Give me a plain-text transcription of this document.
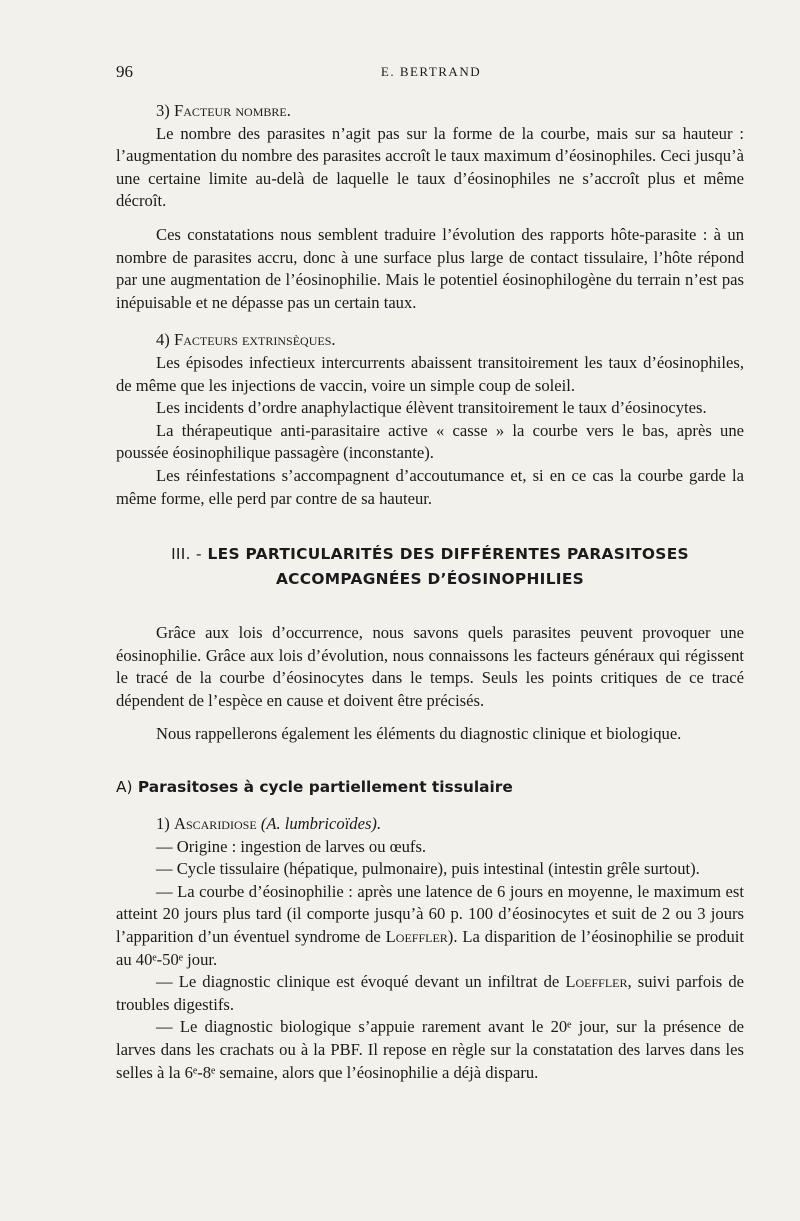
96	E. BERTRAND

3) Facteur nombre.

Le nombre des parasites n’agit pas sur la forme de la courbe, mais sur sa hauteur : l’augmentation du nombre des parasites accroît le taux maximum d’éosinophiles. Ceci jusqu’à une certaine limite au-delà de laquelle le taux d’éosinophiles ne s’accroît plus et même décroît.

Ces constatations nous semblent traduire l’évolution des rapports hôte-parasite : à un nombre de parasites accru, donc à une surface plus large de contact tissulaire, l’hôte répond par une augmentation de l’éosinophilie. Mais le potentiel éosinophilogène du terrain n’est pas inépuisable et ne dépasse pas un certain taux.

4) Facteurs extrinsèques.

Les épisodes infectieux intercurrents abaissent transitoirement les taux d’éosinophiles, de même que les injections de vaccin, voire un simple coup de soleil.

Les incidents d’ordre anaphylactique élèvent transitoirement le taux d’éosinocytes.

La thérapeutique anti-parasitaire active « casse » la courbe vers le bas, après une poussée éosinophilique passagère (inconstante).

Les réinfestations s’accompagnent d’accoutumance et, si en ce cas la courbe garde la même forme, elle perd par contre de sa hauteur.

III. - LES PARTICULARITÉS DES DIFFÉRENTES PARASITOSES
ACCOMPAGNÉES D’ÉOSINOPHILIES

Grâce aux lois d’occurrence, nous savons quels parasites peuvent provoquer une éosinophilie. Grâce aux lois d’évolution, nous connaissons les facteurs généraux qui régissent le tracé de la courbe d’éosinocytes dans le temps. Seuls les points critiques de ce tracé dépendent de l’espèce en cause et doivent être précisés.

Nous rappellerons également les éléments du diagnostic clinique et biologique.

A) Parasitoses à cycle partiellement tissulaire

1) Ascaridiose (A. lumbricoïdes).

— Origine : ingestion de larves ou œufs.

— Cycle tissulaire (hépatique, pulmonaire), puis intestinal (intestin grêle surtout).

— La courbe d’éosinophilie : après une latence de 6 jours en moyenne, le maximum est atteint 20 jours plus tard (il comporte jusqu’à 60 p. 100 d’éosinocytes et suit de 2 ou 3 jours l’apparition d’un éventuel syndrome de Loeffler). La disparition de l’éosinophilie se produit au 40ᵉ-50ᵉ jour.

— Le diagnostic clinique est évoqué devant un infiltrat de Loeffler, suivi parfois de troubles digestifs.

— Le diagnostic biologique s’appuie rarement avant le 20ᵉ jour, sur la présence de larves dans les crachats ou à la PBF. Il repose en règle sur la constatation des larves dans les selles à la 6ᵉ-8ᵉ semaine, alors que l’éosinophilie a déjà disparu.
